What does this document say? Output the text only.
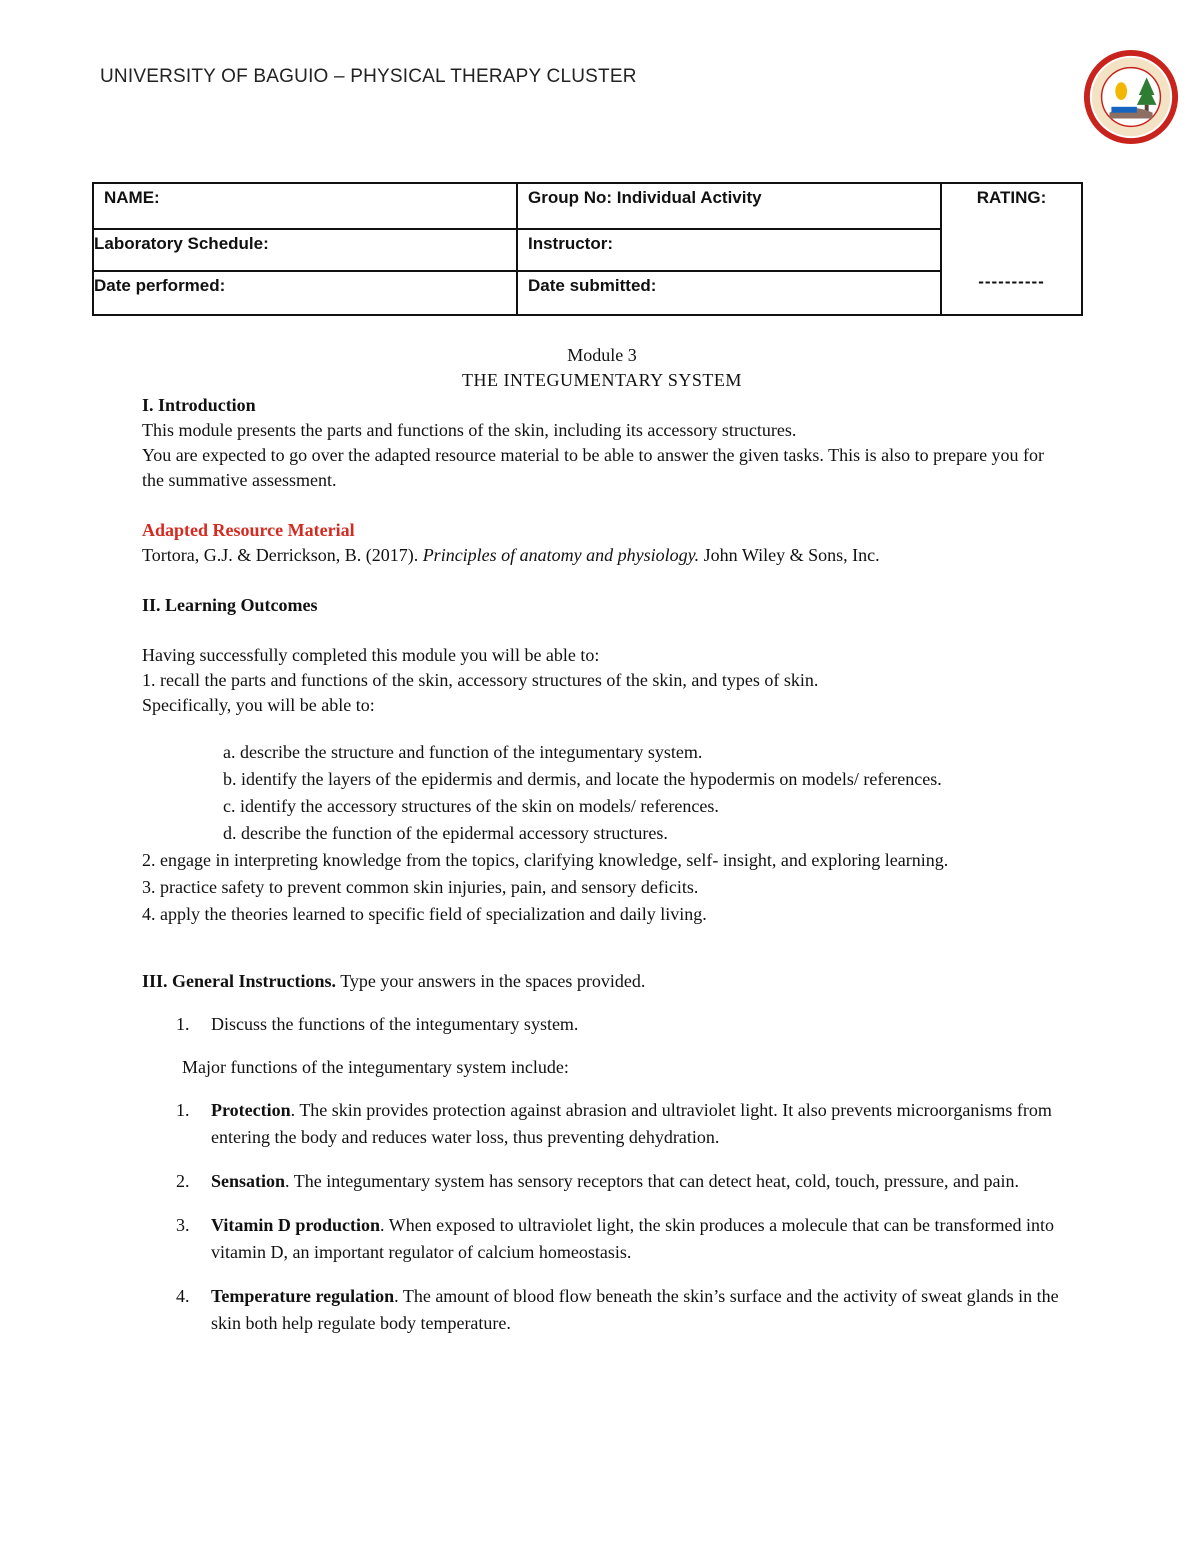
UNIVERSITY OF BAGUIO – PHYSICAL THERAPY CLUSTER
NAME:	Group No: Individual Activity	RATING:
----------

Laboratory Schedule:	Instructor:	
Date performed:	Date submitted:	

Module 3

THE INTEGUMENTARY SYSTEM

I. Introduction

This module presents the parts and functions of the skin, including its accessory structures.

You are expected to go over the adapted resource material to be able to answer the given tasks. This is also to prepare you for the summative assessment.

Adapted Resource Material

Tortora, G.J. & Derrickson, B. (2017). Principles of anatomy and physiology. John Wiley & Sons, Inc.

II. Learning Outcomes

Having successfully completed this module you will be able to:

1. recall the parts and functions of the skin, accessory structures of the skin, and types of skin.

Specifically, you will be able to:

a. describe the structure and function of the integumentary system.

b. identify the layers of the epidermis and dermis, and locate the hypodermis on models/ references.

c. identify the accessory structures of the skin on models/ references.

d. describe the function of the epidermal accessory structures.

2. engage in interpreting knowledge from the topics, clarifying knowledge, self- insight, and exploring learning.

3. practice safety to prevent common skin injuries, pain, and sensory deficits.

4. apply the theories learned to specific field of specialization and daily living.

III. General Instructions. Type your answers in the spaces provided.

1. Discuss the functions of the integumentary system.

Major functions of the integumentary system include:

1. Protection. The skin provides protection against abrasion and ultraviolet light. It also prevents microorganisms from entering the body and reduces water loss, thus preventing dehydration.
2. Sensation. The integumentary system has sensory receptors that can detect heat, cold, touch, pressure, and pain.
3. Vitamin D production. When exposed to ultraviolet light, the skin produces a molecule that can be transformed into vitamin D, an important regulator of calcium homeostasis.
4. Temperature regulation. The amount of blood flow beneath the skin’s surface and the activity of sweat glands in the skin both help regulate body temperature.
